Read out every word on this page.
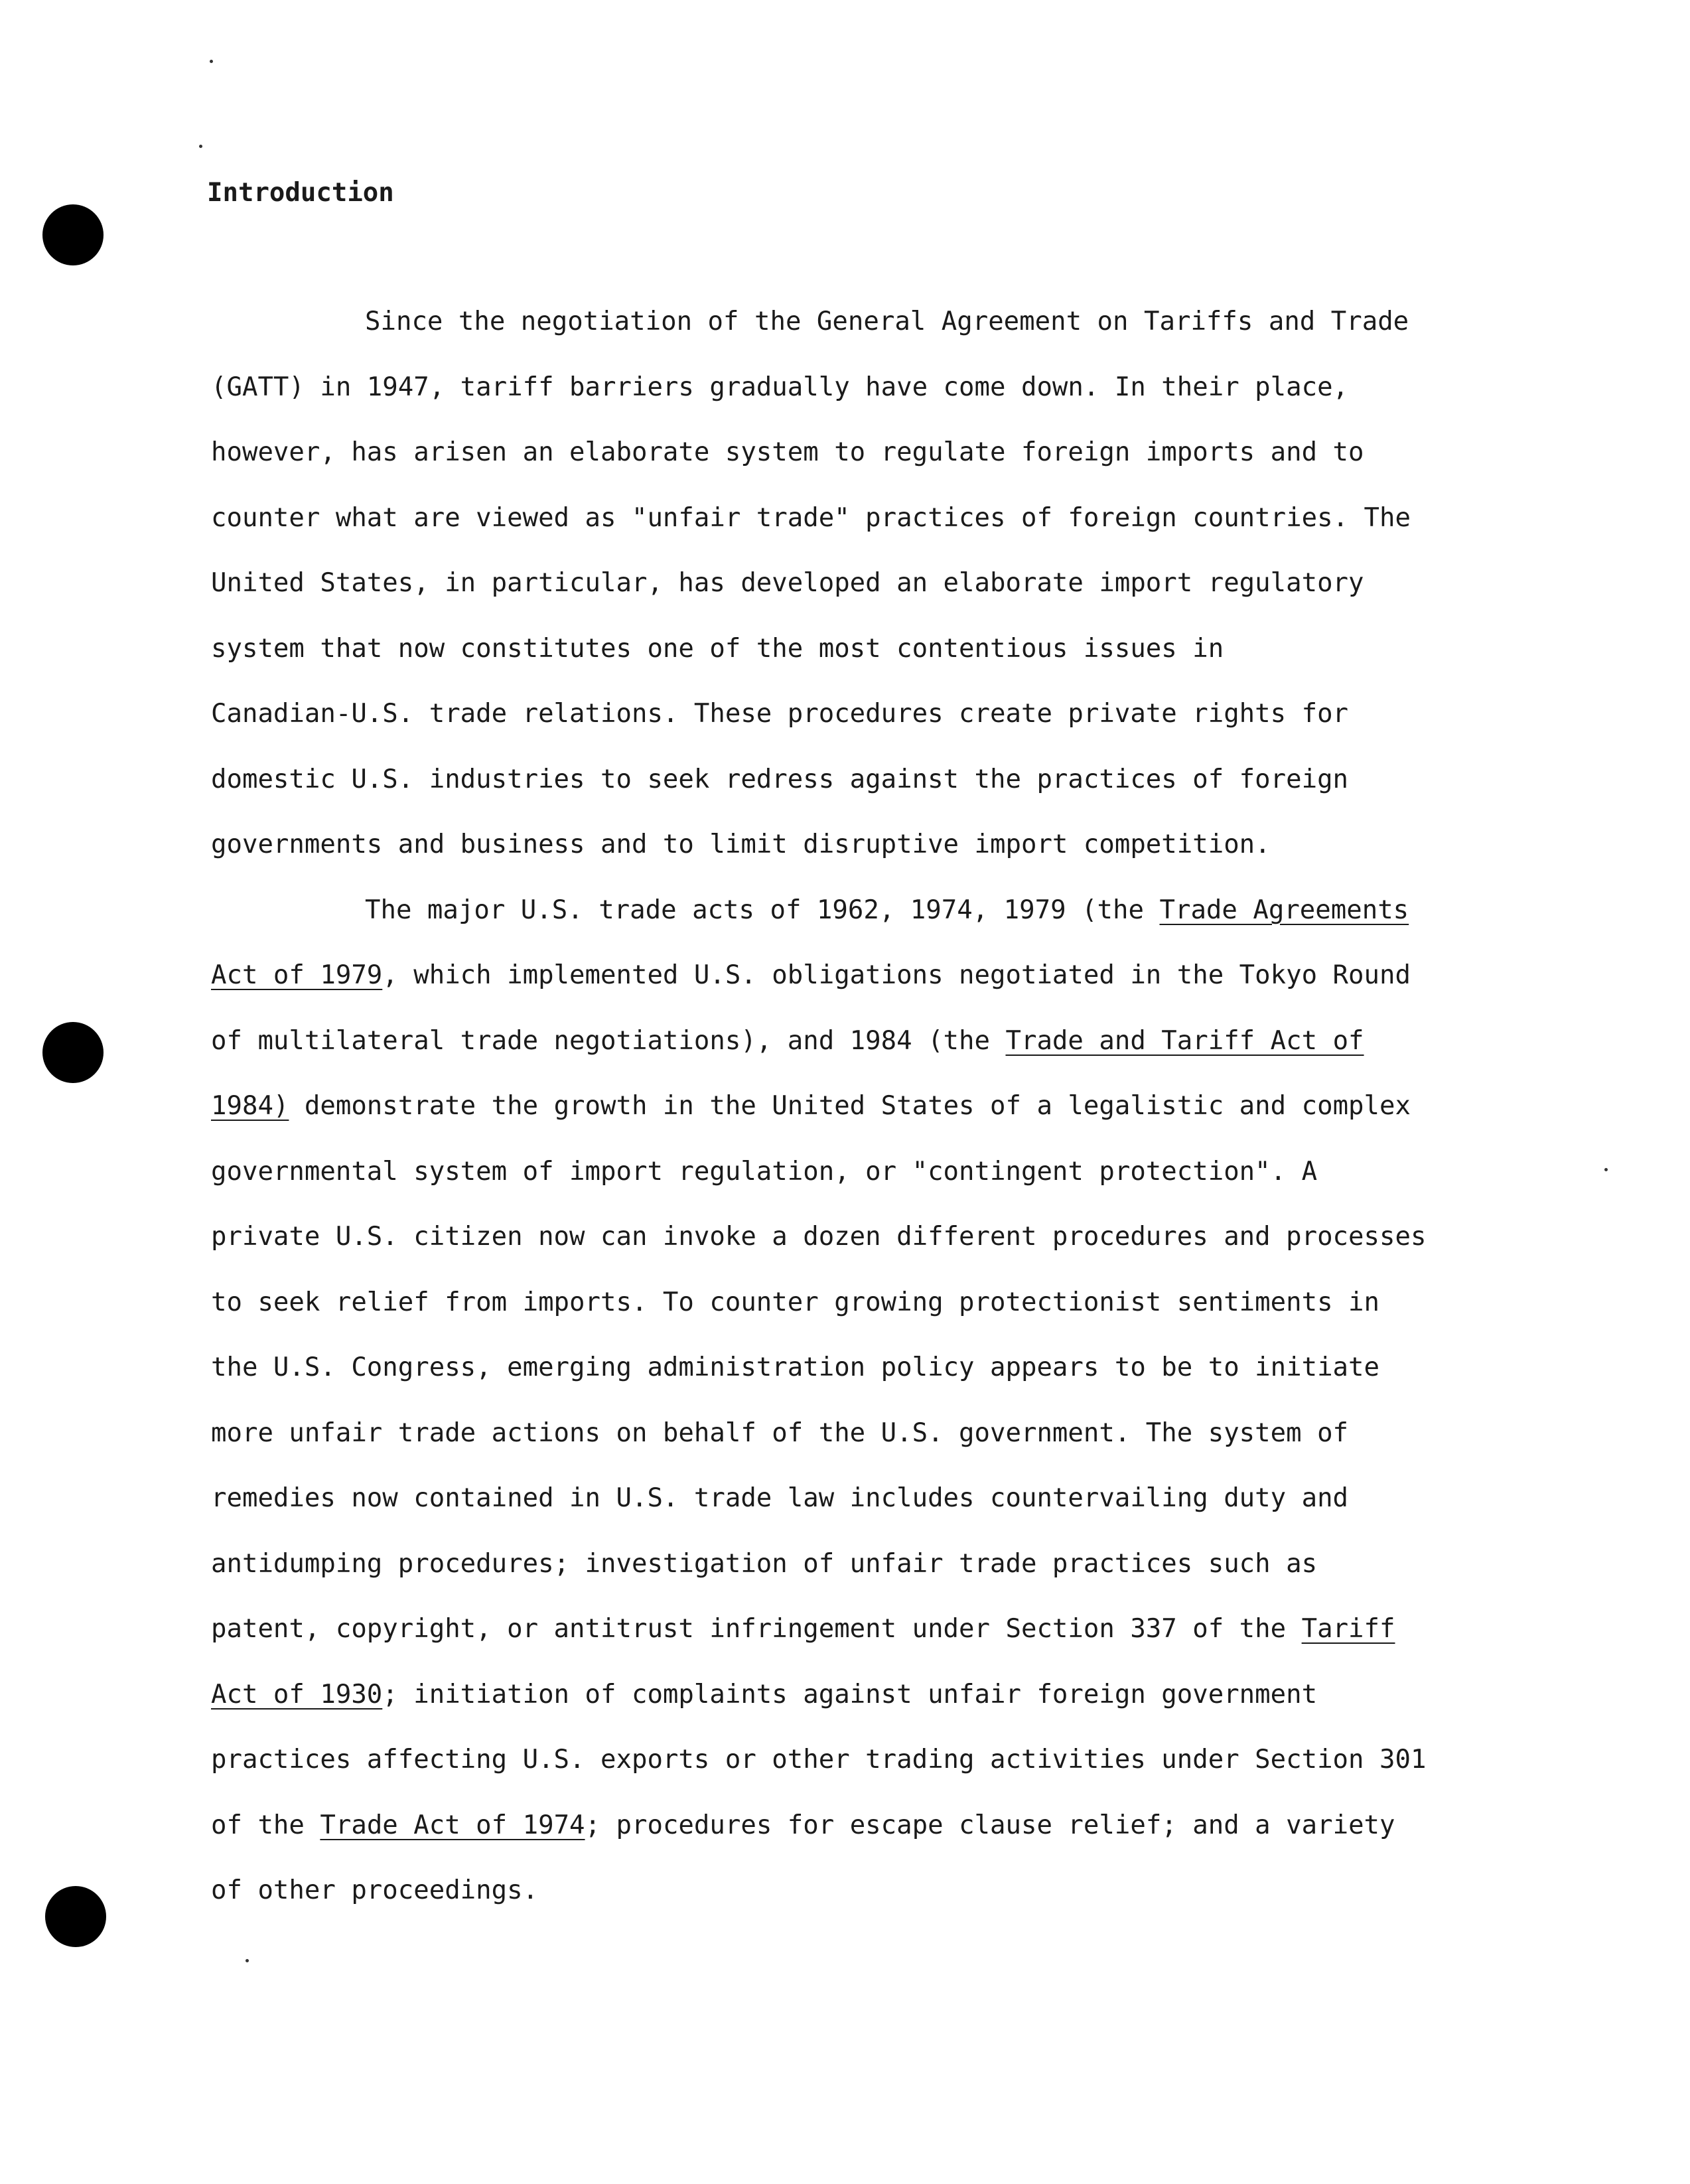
Introduction
Since the negotiation of the General Agreement on Tariffs and Trade
(GATT) in 1947, tariff barriers gradually have come down. In their place,
however, has arisen an elaborate system to regulate foreign imports and to
counter what are viewed as "unfair trade" practices of foreign countries. The
United States, in particular, has developed an elaborate import regulatory
system that now constitutes one of the most contentious issues in
Canadian-U.S. trade relations. These procedures create private rights for
domestic U.S. industries to seek redress against the practices of foreign
governments and business and to limit disruptive import competition.
The major U.S. trade acts of 1962, 1974, 1979 (the Trade Agreements
Act of 1979, which implemented U.S. obligations negotiated in the Tokyo Round
of multilateral trade negotiations), and 1984 (the Trade and Tariff Act of
1984) demonstrate the growth in the United States of a legalistic and complex
governmental system of import regulation, or "contingent protection". A
private U.S. citizen now can invoke a dozen different procedures and processes
to seek relief from imports. To counter growing protectionist sentiments in
the U.S. Congress, emerging administration policy appears to be to initiate
more unfair trade actions on behalf of the U.S. government. The system of
remedies now contained in U.S. trade law includes countervailing duty and
antidumping procedures; investigation of unfair trade practices such as
patent, copyright, or antitrust infringement under Section 337 of the Tariff
Act of 1930; initiation of complaints against unfair foreign government
practices affecting U.S. exports or other trading activities under Section 301
of the Trade Act of 1974; procedures for escape clause relief; and a variety
of other proceedings.
